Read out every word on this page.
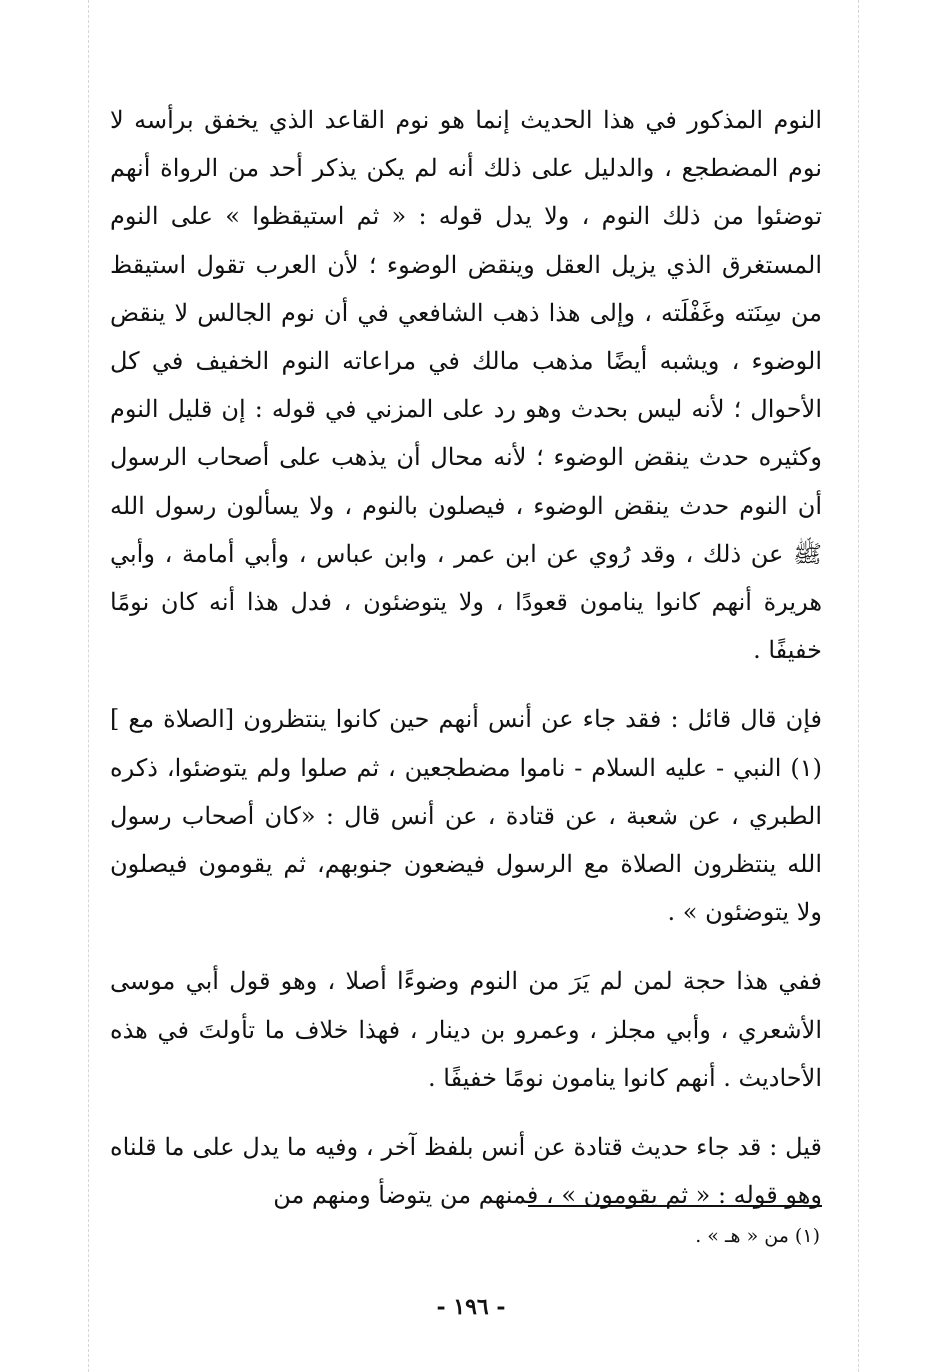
النوم المذكور في هذا الحديث إنما هو نوم القاعد الذي يخفق برأسه لا نوم المضطجع ، والدليل على ذلك أنه لم يكن يذكر أحد من الرواة أنهم توضئوا من ذلك النوم ، ولا يدل قوله : « ثم استيقظوا » على النوم المستغرق الذي يزيل العقل وينقض الوضوء ؛ لأن العرب تقول استيقظ من سِنَته وغَفْلَته ، وإلى هذا ذهب الشافعي في أن نوم الجالس لا ينقض الوضوء ، ويشبه أيضًا مذهب مالك في مراعاته النوم الخفيف في كل الأحوال ؛ لأنه ليس بحدث وهو رد على المزني في قوله : إن قليل النوم وكثيره حدث ينقض الوضوء ؛ لأنه محال أن يذهب على أصحاب الرسول أن النوم حدث ينقض الوضوء ، فيصلون بالنوم ، ولا يسألون رسول الله ﷺ عن ذلك ، وقد رُوي عن ابن عمر ، وابن عباس ، وأبي أمامة ، وأبي هريرة أنهم كانوا ينامون قعودًا ، ولا يتوضئون ، فدل هذا أنه كان نومًا خفيفًا .

فإن قال قائل : فقد جاء عن أنس أنهم حين كانوا ينتظرون [الصلاة مع ] (١) النبي - عليه السلام - ناموا مضطجعين ، ثم صلوا ولم يتوضئوا، ذكره الطبري ، عن شعبة ، عن قتادة ، عن أنس قال : «كان أصحاب رسول الله ينتظرون الصلاة مع الرسول فيضعون جنوبهم، ثم يقومون فيصلون ولا يتوضئون » .

ففي هذا حجة لمن لم يَرَ من النوم وضوءًا أصلا ، وهو قول أبي موسى الأشعري ، وأبي مجلز ، وعمرو بن دينار ، فهذا خلاف ما تأولتَ في هذه الأحاديث . أنهم كانوا ينامون نومًا خفيفًا .

قيل : قد جاء حديث قتادة عن أنس بلفظ آخر ، وفيه ما يدل على ما قلناه وهو قوله : « ثم يقومون » ، فمنهم من يتوضأ ومنهم من

(١) من « هـ » .
- ١٩٦ -
